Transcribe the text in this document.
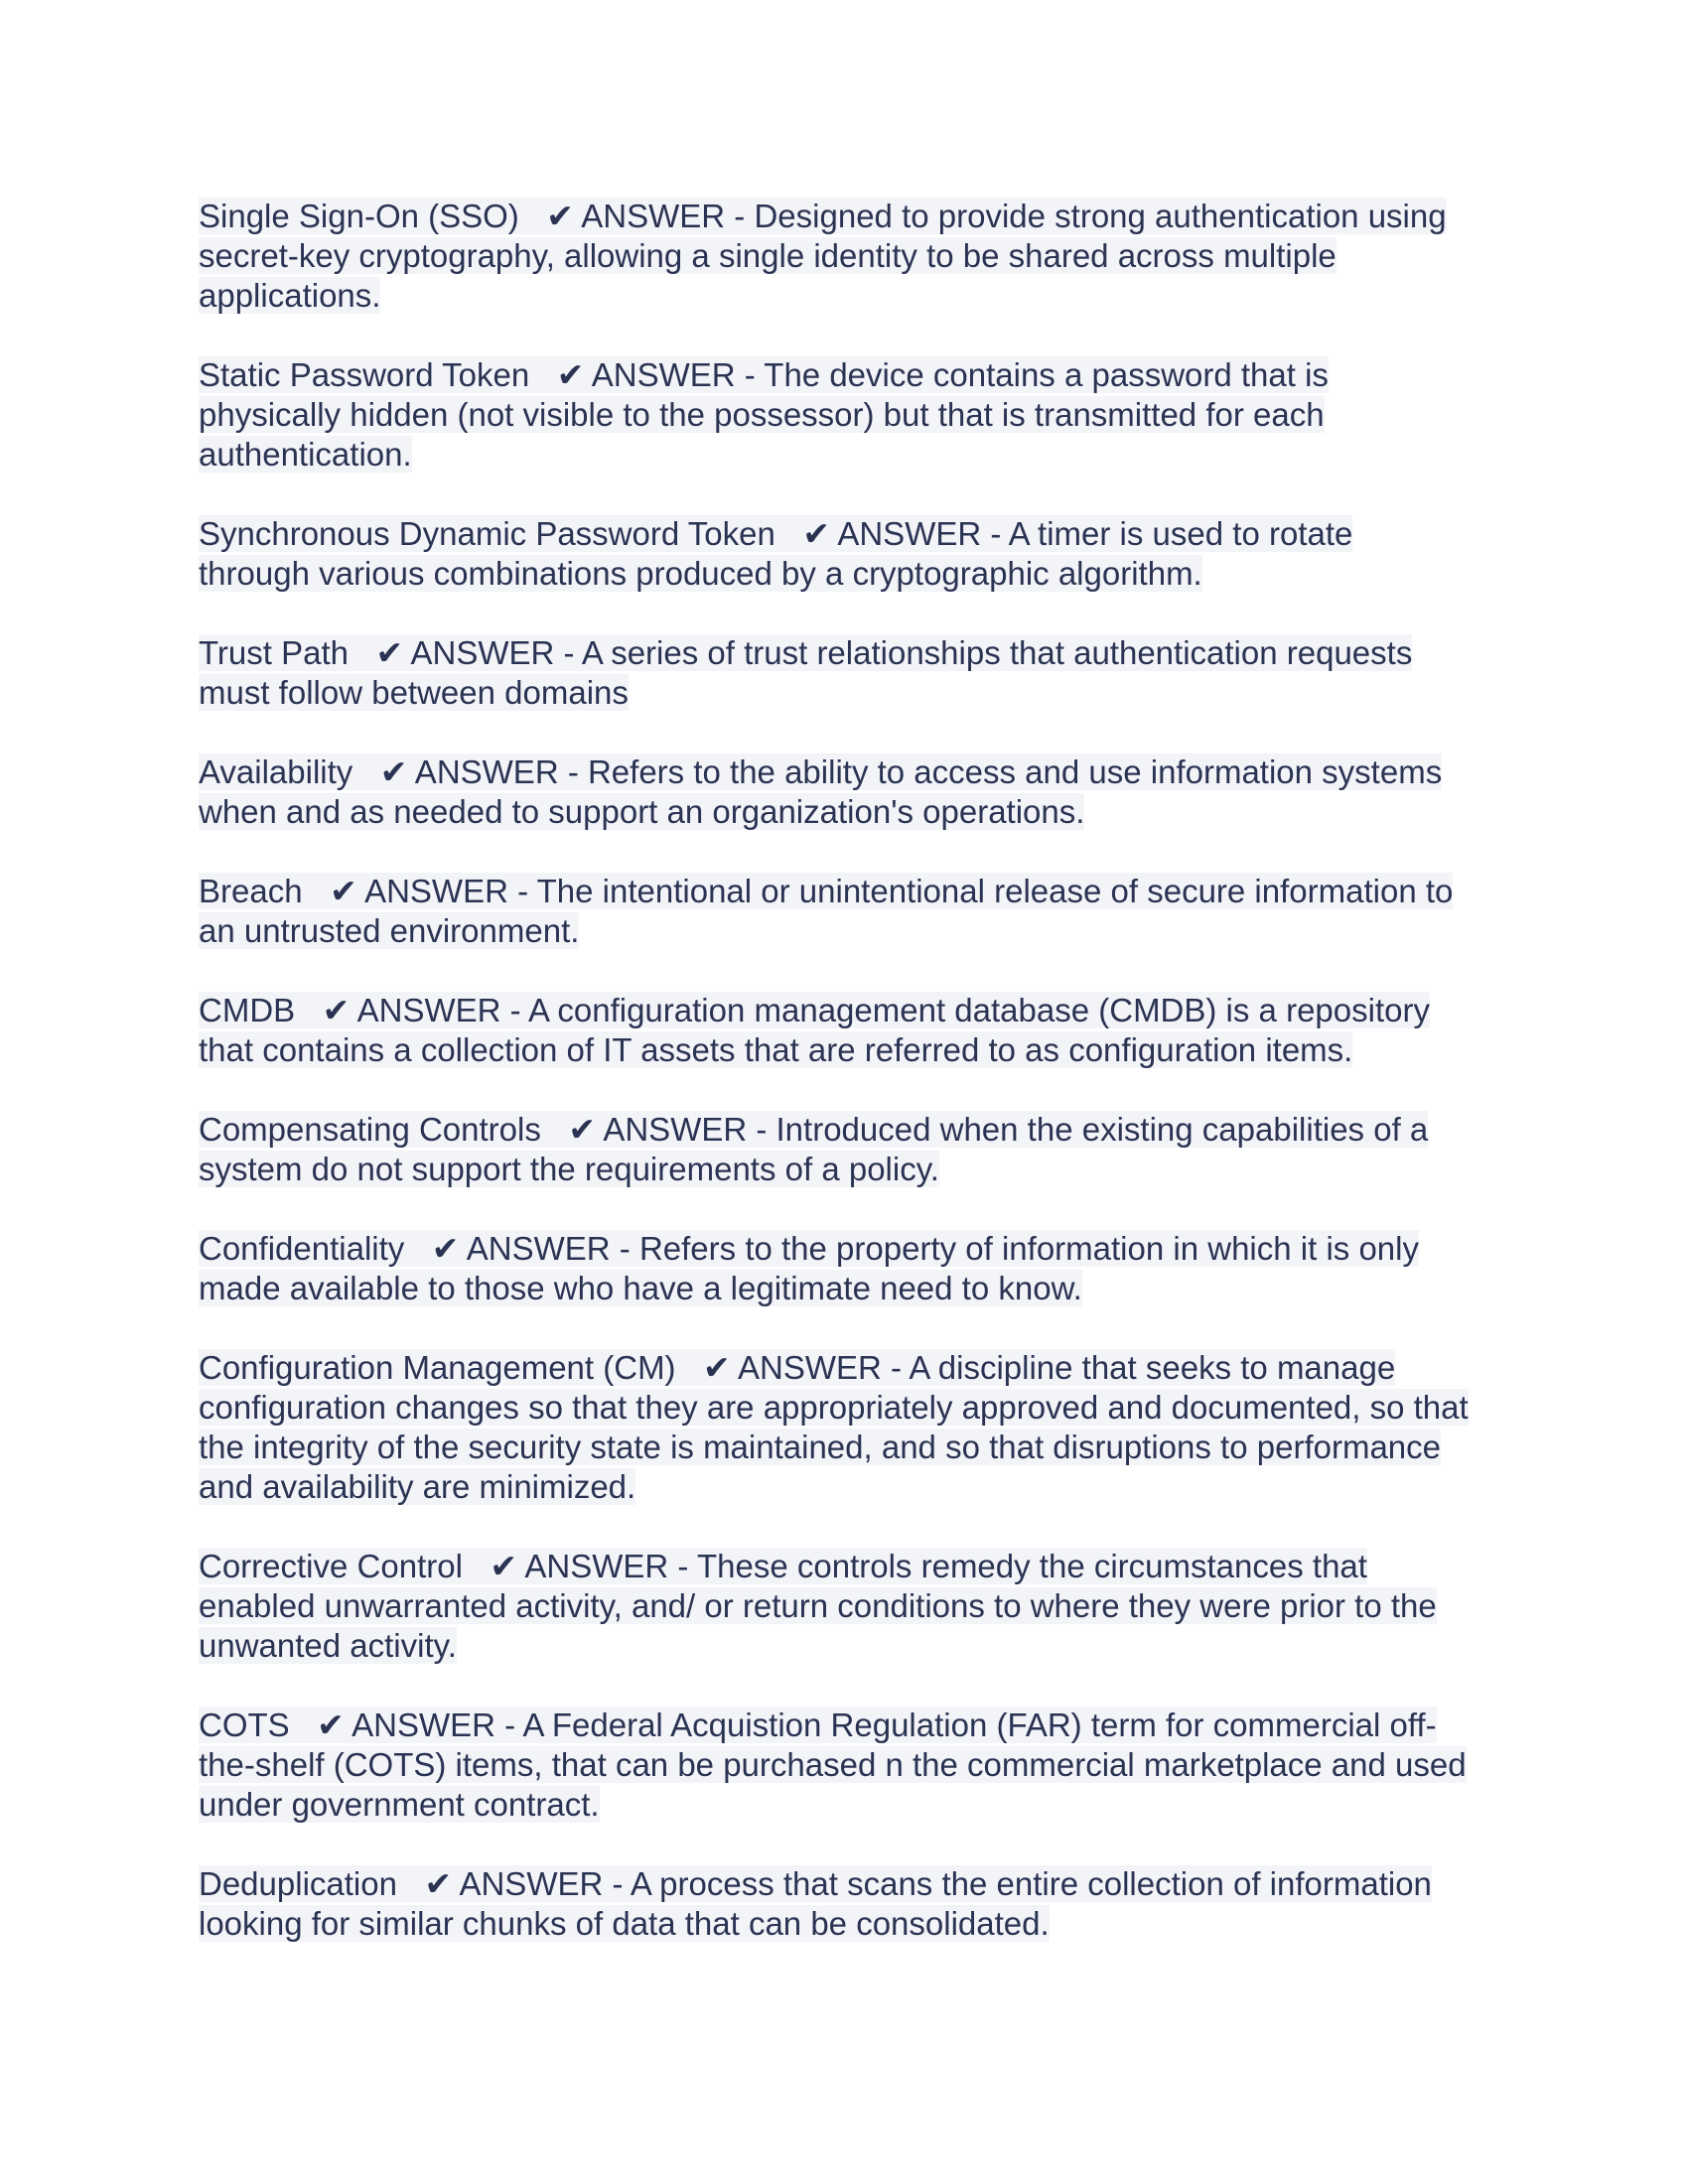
Single Sign-On (SSO)   ✔ ANSWER - Designed to provide strong authentication using
secret-key cryptography, allowing a single identity to be shared across multiple
applications.
Static Password Token   ✔ ANSWER - The device contains a password that is
physically hidden (not visible to the possessor) but that is transmitted for each
authentication.
Synchronous Dynamic Password Token   ✔ ANSWER - A timer is used to rotate
through various combinations produced by a cryptographic algorithm.
Trust Path   ✔ ANSWER - A series of trust relationships that authentication requests
must follow between domains
Availability   ✔ ANSWER - Refers to the ability to access and use information systems
when and as needed to support an organization's operations.
Breach   ✔ ANSWER - The intentional or unintentional release of secure information to
an untrusted environment.
CMDB   ✔ ANSWER - A configuration management database (CMDB) is a repository
that contains a collection of IT assets that are referred to as configuration items.
Compensating Controls   ✔ ANSWER - Introduced when the existing capabilities of a
system do not support the requirements of a policy.
Confidentiality   ✔ ANSWER - Refers to the property of information in which it is only
made available to those who have a legitimate need to know.
Configuration Management (CM)   ✔ ANSWER - A discipline that seeks to manage
configuration changes so that they are appropriately approved and documented, so that
the integrity of the security state is maintained, and so that disruptions to performance
and availability are minimized.
Corrective Control   ✔ ANSWER - These controls remedy the circumstances that
enabled unwarranted activity, and/ or return conditions to where they were prior to the
unwanted activity.
COTS   ✔ ANSWER - A Federal Acquistion Regulation (FAR) term for commercial off-
the-shelf (COTS) items, that can be purchased n the commercial marketplace and used
under government contract.
Deduplication   ✔ ANSWER - A process that scans the entire collection of information
looking for similar chunks of data that can be consolidated.
